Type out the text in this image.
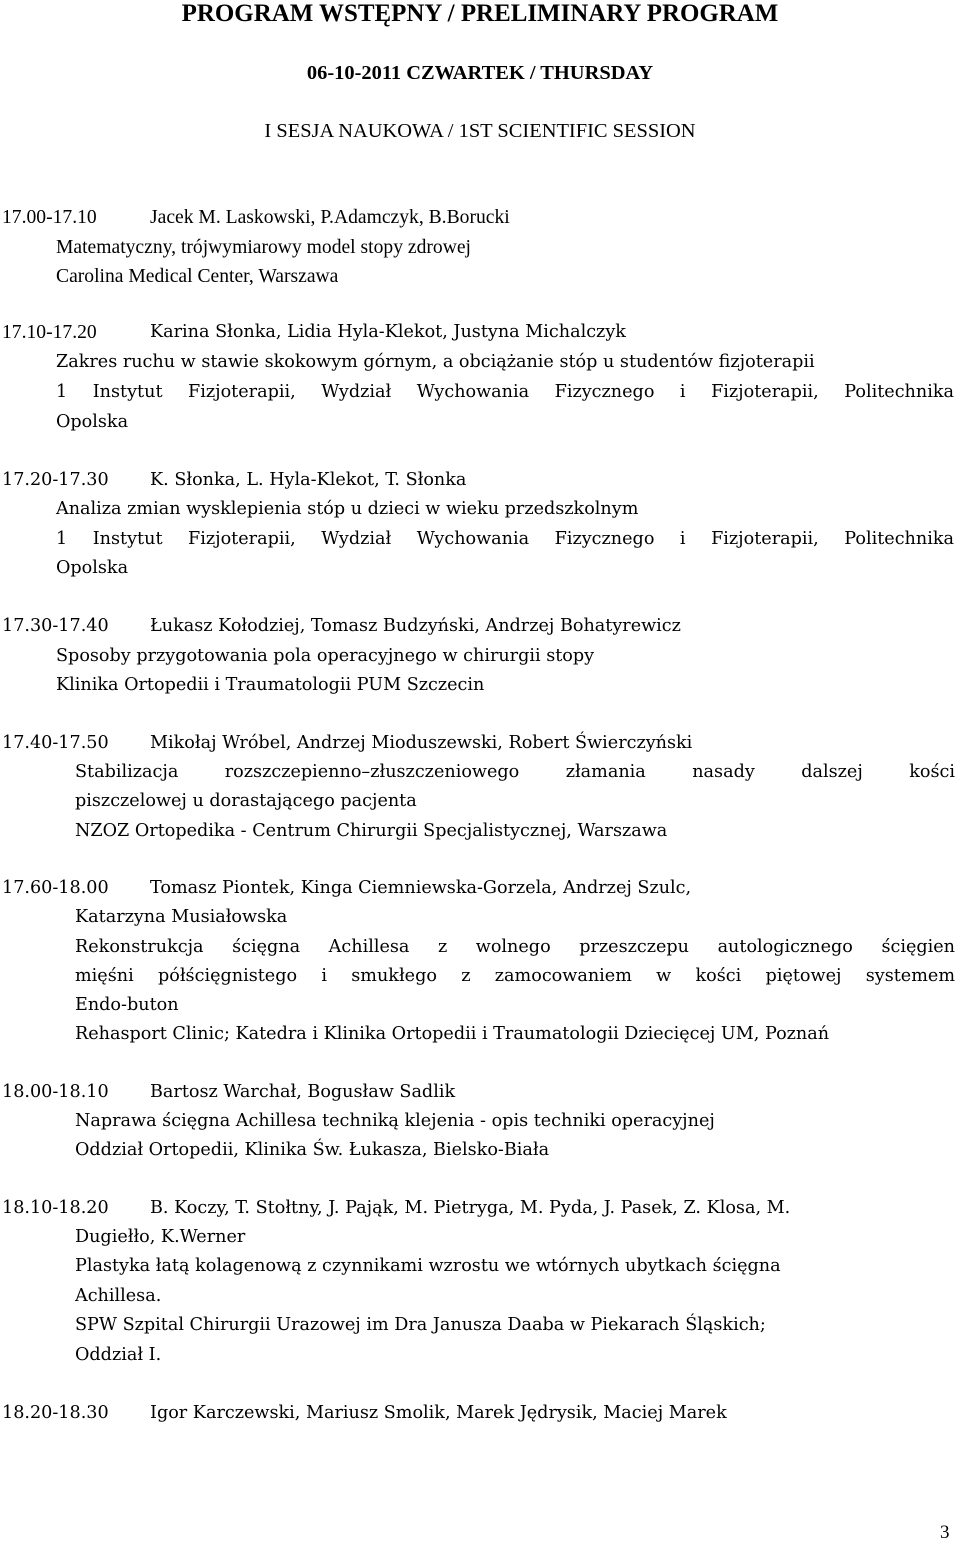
PROGRAM WSTĘPNY / PRELIMINARY PROGRAM
06-10-2011 CZWARTEK / THURSDAY
I SESJA NAUKOWA / 1ST SCIENTIFIC SESSION
17.00-17.10	Jacek M. Laskowski, P.Adamczyk, B.Borucki
Matematyczny, trójwymiarowy model stopy zdrowej
Carolina Medical Center, Warszawa
17.10-17.20	Karina Słonka, Lidia Hyla-Klekot, Justyna Michalczyk
Zakres ruchu w stawie skokowym górnym, a obciążanie stóp u studentów fizjoterapii
1 Instytut Fizjoterapii, Wydział Wychowania Fizycznego i Fizjoterapii, Politechnika
Opolska
17.20-17.30 K. Słonka, L. Hyla-Klekot, T. Słonka
Analiza zmian wysklepienia stóp u dzieci w wieku przedszkolnym
1 Instytut Fizjoterapii, Wydział Wychowania Fizycznego i Fizjoterapii, Politechnika
Opolska
17.30-17.40 Łukasz Kołodziej, Tomasz Budzyński, Andrzej Bohatyrewicz
Sposoby przygotowania pola operacyjnego w chirurgii stopy
Klinika Ortopedii i Traumatologii PUM Szczecin
17.40-17.50 Mikołaj Wróbel, Andrzej Mioduszewski, Robert Świerczyński
Stabilizacja rozszczepienno–złuszczeniowego złamania nasady dalszej kości
piszczelowej u dorastającego pacjenta
NZOZ Ortopedika - Centrum Chirurgii Specjalistycznej, Warszawa
17.60-18.00 Tomasz Piontek, Kinga Ciemniewska-Gorzela, Andrzej Szulc,
Katarzyna Musiałowska
Rekonstrukcja ścięgna Achillesa z wolnego przeszczepu autologicznego ścięgien
mięśni półścięgnistego i smukłego z zamocowaniem w kości piętowej systemem
Endo-buton
Rehasport Clinic; Katedra i Klinika Ortopedii i Traumatologii Dziecięcej UM, Poznań
18.00-18.10 Bartosz Warchał, Bogusław Sadlik
Naprawa ścięgna Achillesa techniką klejenia - opis techniki operacyjnej
Oddział Ortopedii, Klinika Św. Łukasza, Bielsko-Biała
18.10-18.20 B. Koczy, T. Stołtny, J. Pająk, M. Pietryga, M. Pyda, J. Pasek, Z. Klosa, M.
Dugiełło, K.Werner
Plastyka łatą kolagenową z czynnikami wzrostu we wtórnych ubytkach ścięgna
Achillesa.
SPW Szpital Chirurgii Urazowej im Dra Janusza Daaba w Piekarach Śląskich;
Oddział I.
18.20-18.30 Igor Karczewski, Mariusz Smolik, Marek Jędrysik, Maciej Marek
3
